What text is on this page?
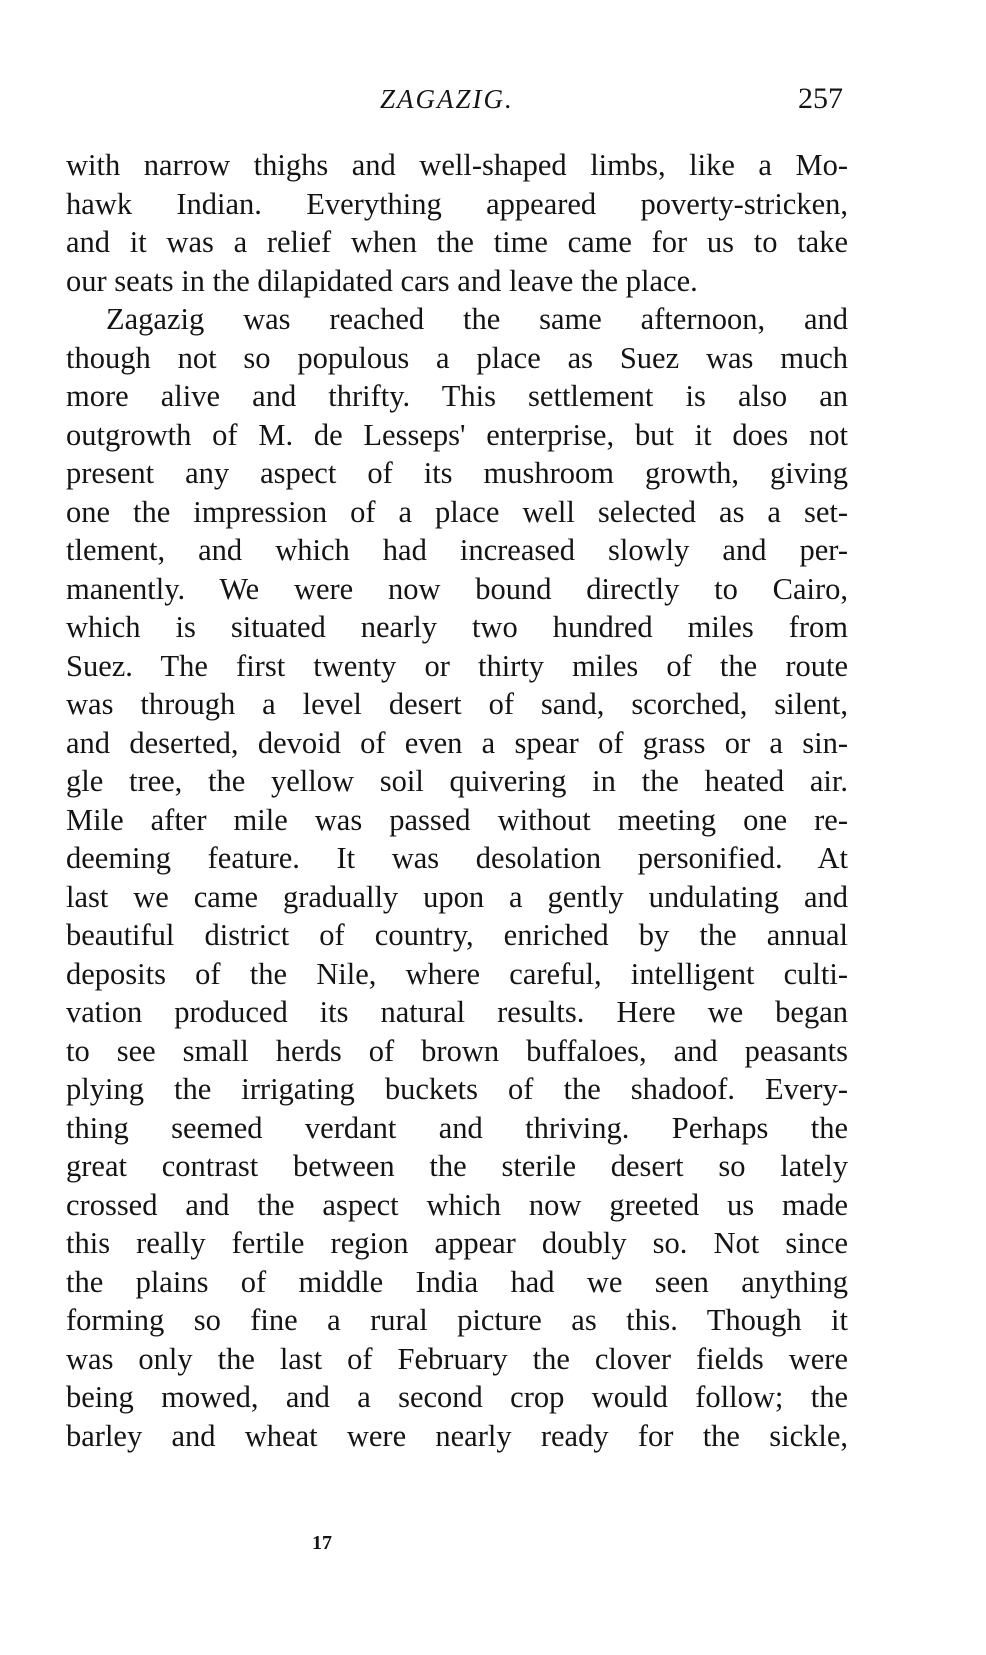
ZAGAZIG.	257
with narrow thighs and well-shaped limbs, like a Mo-
hawk Indian. Everything appeared poverty-stricken,
and it was a relief when the time came for us to take
our seats in the dilapidated cars and leave the place.
Zagazig was reached the same afternoon, and
though not so populous a place as Suez was much
more alive and thrifty. This settlement is also an
outgrowth of M. de Lesseps' enterprise, but it does not
present any aspect of its mushroom growth, giving
one the impression of a place well selected as a set-
tlement, and which had increased slowly and per-
manently. We were now bound directly to Cairo,
which is situated nearly two hundred miles from
Suez. The first twenty or thirty miles of the route
was through a level desert of sand, scorched, silent,
and deserted, devoid of even a spear of grass or a sin-
gle tree, the yellow soil quivering in the heated air.
Mile after mile was passed without meeting one re-
deeming feature. It was desolation personified. At
last we came gradually upon a gently undulating and
beautiful district of country, enriched by the annual
deposits of the Nile, where careful, intelligent culti-
vation produced its natural results. Here we began
to see small herds of brown buffaloes, and peasants
plying the irrigating buckets of the shadoof. Every-
thing seemed verdant and thriving. Perhaps the
great contrast between the sterile desert so lately
crossed and the aspect which now greeted us made
this really fertile region appear doubly so. Not since
the plains of middle India had we seen anything
forming so fine a rural picture as this. Though it
was only the last of February the clover fields were
being mowed, and a second crop would follow; the
barley and wheat were nearly ready for the sickle,
17
